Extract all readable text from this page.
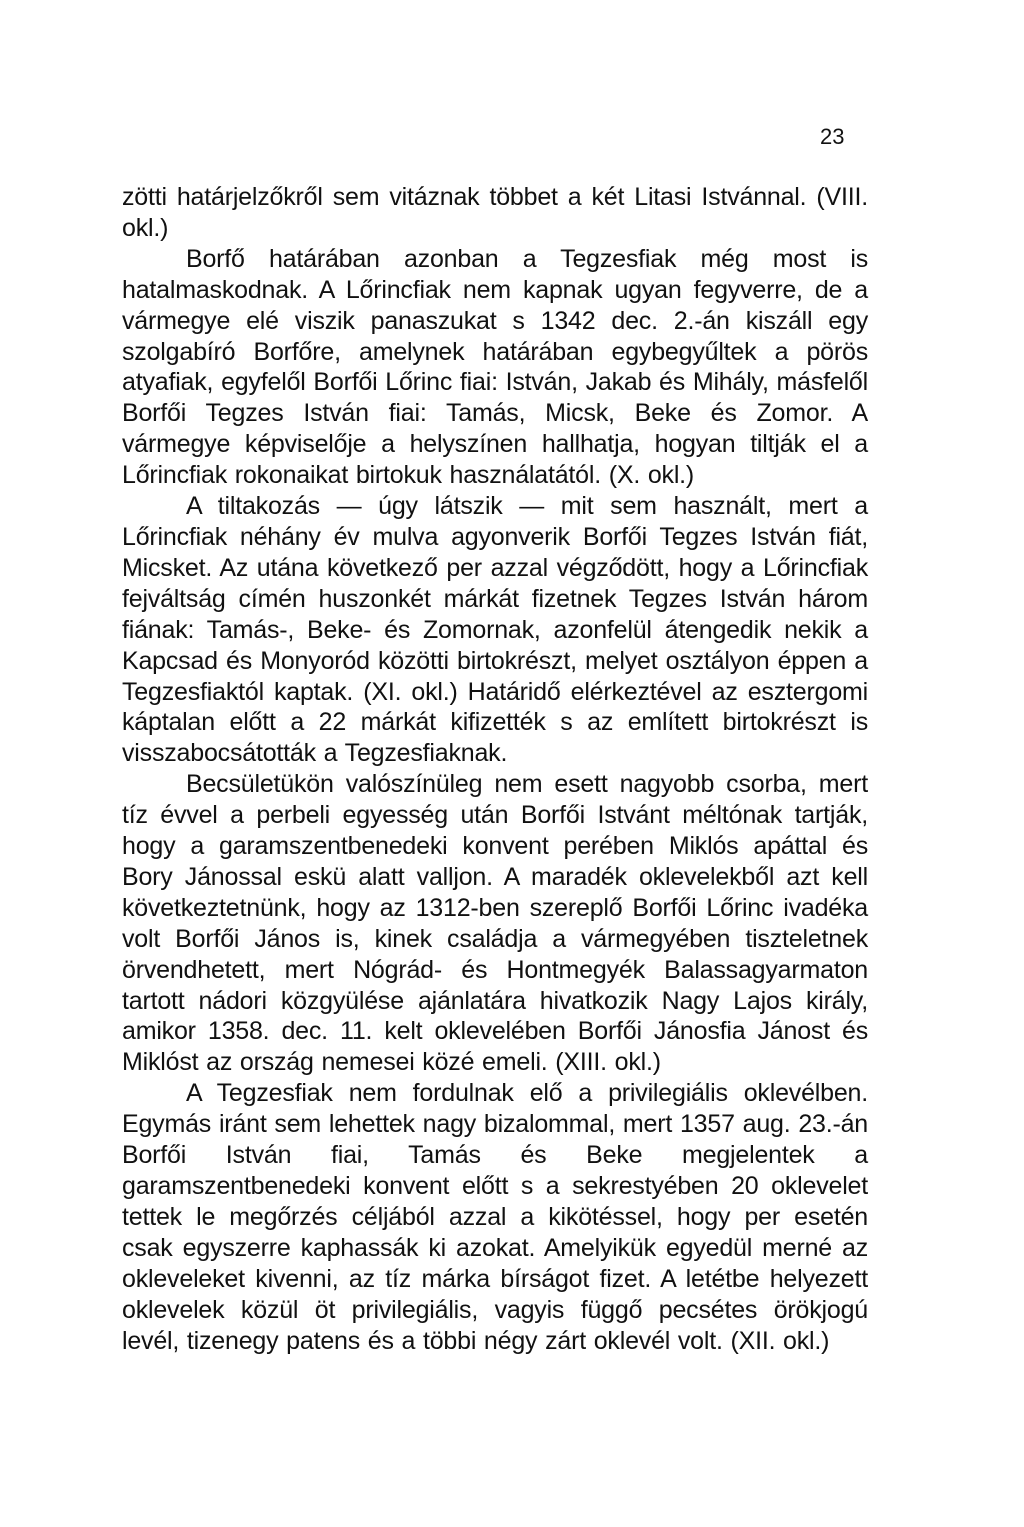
23

zötti határjelzőkről sem vitáznak többet a két Litasi Istvánnal. (VIII. okl.)

Borfő határában azonban a Tegzesfiak még most is hatalmaskodnak. A Lőrincfiak nem kapnak ugyan fegyverre, de a vármegye elé viszik panaszukat s 1342 dec. 2.-án kiszáll egy szolgabíró Borfőre, amelynek határában egybegyűltek a pörös atyafiak, egyfelől Borfői Lőrinc fiai: István, Jakab és Mihály, másfelől Borfői Tegzes István fiai: Tamás, Micsk, Beke és Zomor. A vármegye képviselője a helyszínen hallhatja, hogyan tiltják el a Lőrincfiak rokonaikat birtokuk használatától. (X. okl.)

A tiltakozás — úgy látszik — mit sem használt, mert a Lőrincfiak néhány év mulva agyonverik Borfői Tegzes István fiát, Micsket. Az utána következő per azzal végződött, hogy a Lőrincfiak fejváltság címén huszonkét márkát fizetnek Tegzes István három fiának: Tamás-, Beke- és Zomornak, azonfelül átengedik nekik a Kapcsad és Monyoród közötti birtokrészt, melyet osztályon éppen a Tegzesfiaktól kaptak. (XI. okl.) Határidő elérkeztével az esztergomi káptalan előtt a 22 márkát kifizették s az említett birtokrészt is visszabocsátották a Tegzesfiaknak.

Becsületükön valószínüleg nem esett nagyobb csorba, mert tíz évvel a perbeli egyesség után Borfői Istvánt méltónak tartják, hogy a garamszentbenedeki konvent perében Miklós apáttal és Bory Jánossal eskü alatt valljon. A maradék oklevelekből azt kell következtetnünk, hogy az 1312-ben szereplő Borfői Lőrinc ivadéka volt Borfői János is, kinek családja a vármegyében tiszteletnek örvendhetett, mert Nógrád- és Hontmegyék Balassagyarmaton tartott nádori közgyülése ajánlatára hivatkozik Nagy Lajos király, amikor 1358. dec. 11. kelt oklevelében Borfői Jánosfia Jánost és Miklóst az ország nemesei közé emeli. (XIII. okl.)

A Tegzesfiak nem fordulnak elő a privilegiális oklevélben. Egymás iránt sem lehettek nagy bizalommal, mert 1357 aug. 23.-án Borfői István fiai, Tamás és Beke megjelentek a garamszentbenedeki konvent előtt s a sekrestyében 20 oklevelet tettek le megőrzés céljából azzal a kikötéssel, hogy per esetén csak egyszerre kaphassák ki azokat. Amelyikük egyedül merné az okleveleket kivenni, az tíz márka bírságot fizet. A letétbe helyezett oklevelek közül öt privilegiális, vagyis függő pecsétes örökjogú levél, tizenegy patens és a többi négy zárt oklevél volt. (XII. okl.)
